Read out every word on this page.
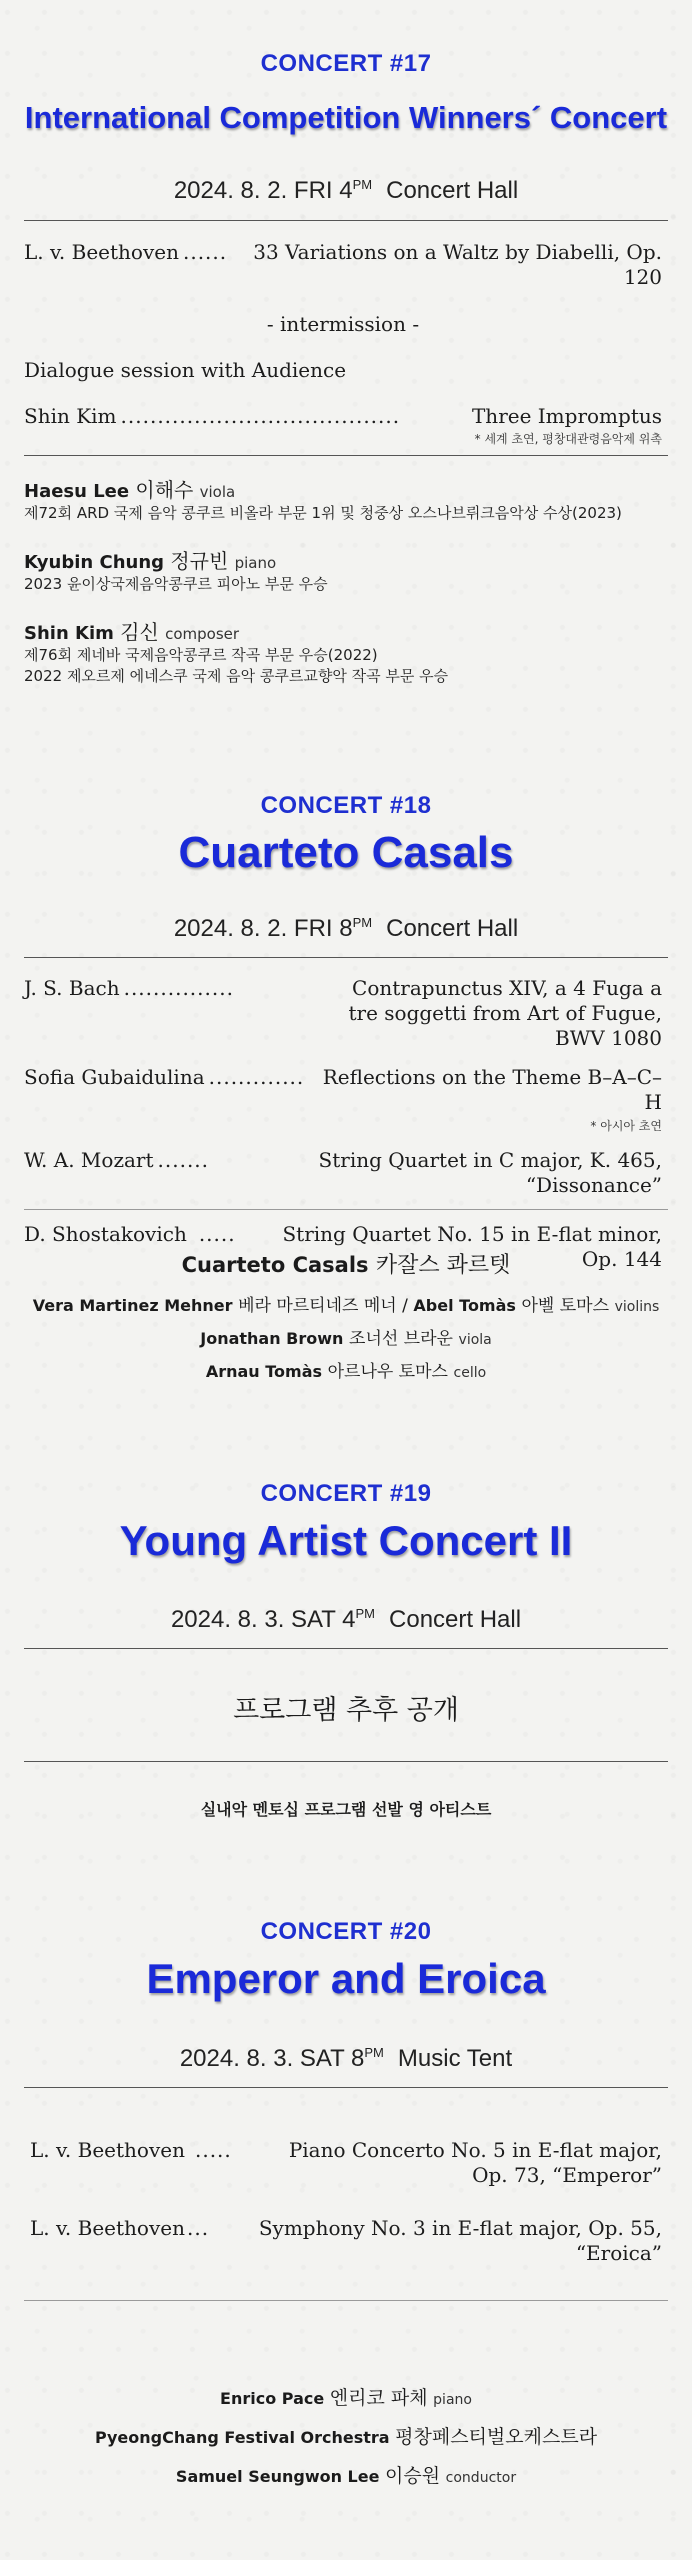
CONCERT #17
International Competition Winners´ Concert
2024. 8. 2. FRI $4^{PM}$ Concert Hall
L. v. Beethoven ......	33 Variations on a Waltz by Diabelli, Op. 120
- intermission -
Dialogue session with Audience
Shin Kim ......................................	Three Impromptus
* 세계 초연, 평창대관령음악제 위촉
Haesu Lee 이해수 viola
제72회 ARD 국제 음악 콩쿠르 비올라 부문 1위 및 청중상 오스나브뤼크음악상 수상(2023)
Kyubin Chung 정규빈 piano
2023 윤이상국제음악콩쿠르 피아노 부문 우승
Shin Kim 김신 composer
제76회 제네바 국제음악콩쿠르 작곡 부문 우승(2022)
2022 제오르제 에네스쿠 국제 음악 콩쿠르교향악 작곡 부문 우승
CONCERT #18
Cuarteto Casals
2024. 8. 2. FRI $8^{PM}$ Concert Hall
J. S. Bach ...............	Contrapunctus XIV, a 4 Fuga a tre soggetti from Art of Fugue, BWV 1080
Sofia Gubaidulina ............. Reflections on the Theme B–A–C–H
* 아시아 초연
W. A. Mozart .......	String Quartet in C major, K. 465, “Dissonance”
D. Shostakovich .....	String Quartet No. 15 in E-flat minor, Op. 144
Cuarteto Casals 카잘스 콰르텟
Vera Martinez Mehner 베라 마르티네즈 메너 / Abel Tomàs 아벨 토마스 violins
Jonathan Brown 조너선 브라운 viola
Arnau Tomàs 아르나우 토마스 cello
CONCERT #19
Young Artist Concert II
2024. 8. 3. SAT $4^{PM}$ Concert Hall
프로그램 추후 공개
실내악 멘토십 프로그램 선발 영 아티스트
CONCERT #20
Emperor and Eroica
2024. 8. 3. SAT $8^{PM}$ Music Tent
L. v. Beethoven .....	Piano Concerto No. 5 in E-flat major, Op. 73, “Emperor”
L. v. Beethoven ...	Symphony No. 3 in E-flat major, Op. 55, “Eroica”
Enrico Pace 엔리코 파체 piano
PyeongChang Festival Orchestra 평창페스티벌오케스트라
Samuel Seungwon Lee 이승원 conductor
